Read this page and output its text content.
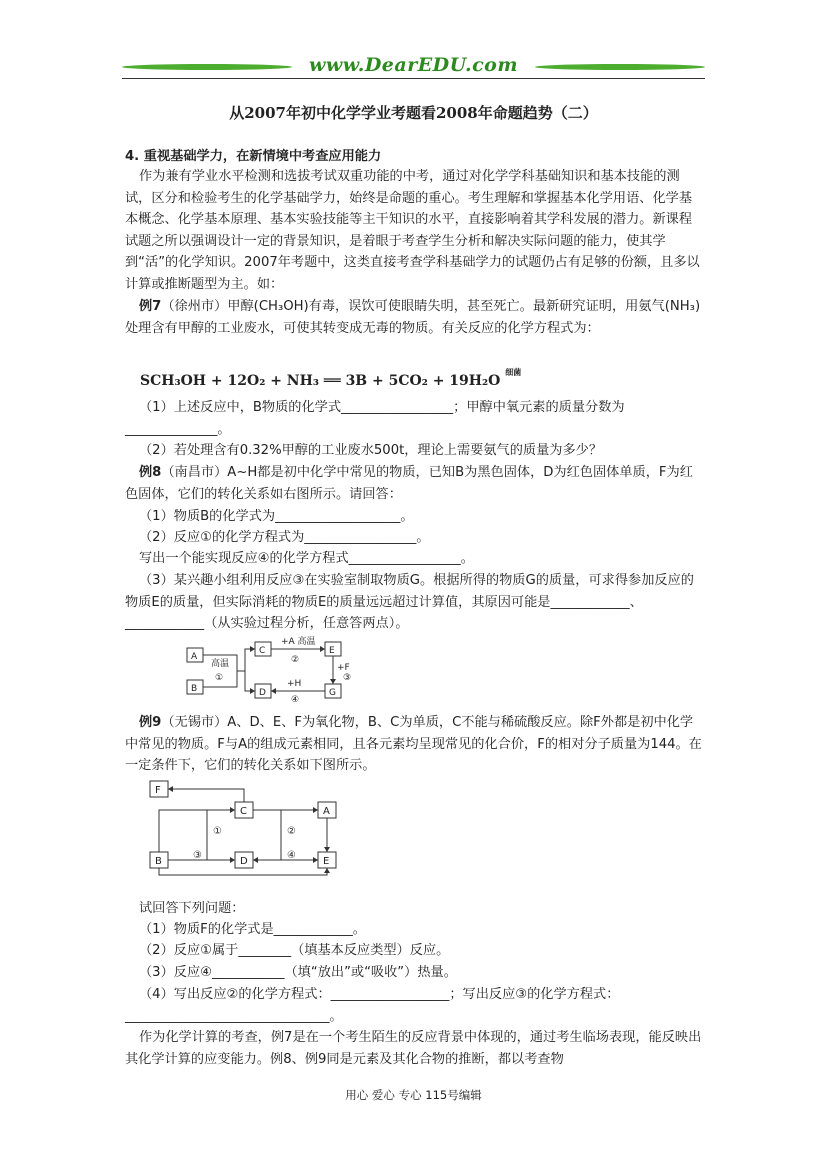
www.DearEDU.com
从2007年初中化学学业考题看2008年命题趋势（二）

4. 重视基础学力，在新情境中考查应用能力

作为兼有学业水平检测和选拔考试双重功能的中考，通过对化学学科基础知识和基本技能的测试，区分和检验考生的化学基础学力，始终是命题的重心。考生理解和掌握基本化学用语、化学基本概念、化学基本原理、基本实验技能等主干知识的水平，直接影响着其学科发展的潜力。新课程试题之所以强调设计一定的背景知识，是着眼于考查学生分析和解决实际问题的能力，使其学到“活”的化学知识。2007年考题中，这类直接考查学科基础学力的试题仍占有足够的份额，且多以计算或推断题型为主。如：

例7（徐州市）甲醇(CH₃OH)有毒，误饮可使眼睛失明，甚至死亡。最新研究证明，用氨气(NH₃)处理含有甲醇的工业废水，可使其转变成无毒的物质。有关反应的化学方程式为：

SCH₃OH + 12O₂ + NH₃ ══ 3B + 5CO₂ + 19H₂O $^{细菌}$

（1）上述反应中，B物质的化学式_________________；甲醇中氧元素的质量分数为______________。

（2）若处理含有0.32%甲醇的工业废水500t，理论上需要氨气的质量为多少？

例8（南昌市）A~H都是初中化学中常见的物质，已知B为黑色固体，D为红色固体单质，F为红色固体，它们的转化关系如右图所示。请回答：

（1）物质B的化学式为___________________。

（2）反应①的化学方程式为_________________。

写出一个能实现反应④的化学方程式_________________。

（3）某兴趣小组利用反应③在实验室制取物质G。根据所得的物质G的质量，可求得参加反应的物质E的质量，但实际消耗的物质E的质量远远超过计算值，其原因可能是____________、____________（从实验过程分析，任意答两点）。

A
B
C
D
E
G
高温
①
+A 高温
②
+F
③
+H
④

例9（无锡市）A、D、E、F为氧化物，B、C为单质，C不能与稀硫酸反应。除F外都是初中化学中常见的物质。F与A的组成元素相同，且各元素均呈现常见的化合价，F的相对分子质量为144。在一定条件下，它们的转化关系如下图所示。

F
C	A
B	D	E
①	②
③	④

试回答下列问题：

（1）物质F的化学式是____________。

（2）反应①属于________（填基本反应类型）反应。

（3）反应④___________（填“放出”或“吸收”）热量。

（4）写出反应②的化学方程式：__________________；写出反应③的化学方程式：_______________________________。

作为化学计算的考查，例7是在一个考生陌生的反应背景中体现的，通过考生临场表现，能反映出其化学计算的应变能力。例8、例9同是元素及其化合物的推断，都以考查物

用心 爱心 专心 115号编辑
